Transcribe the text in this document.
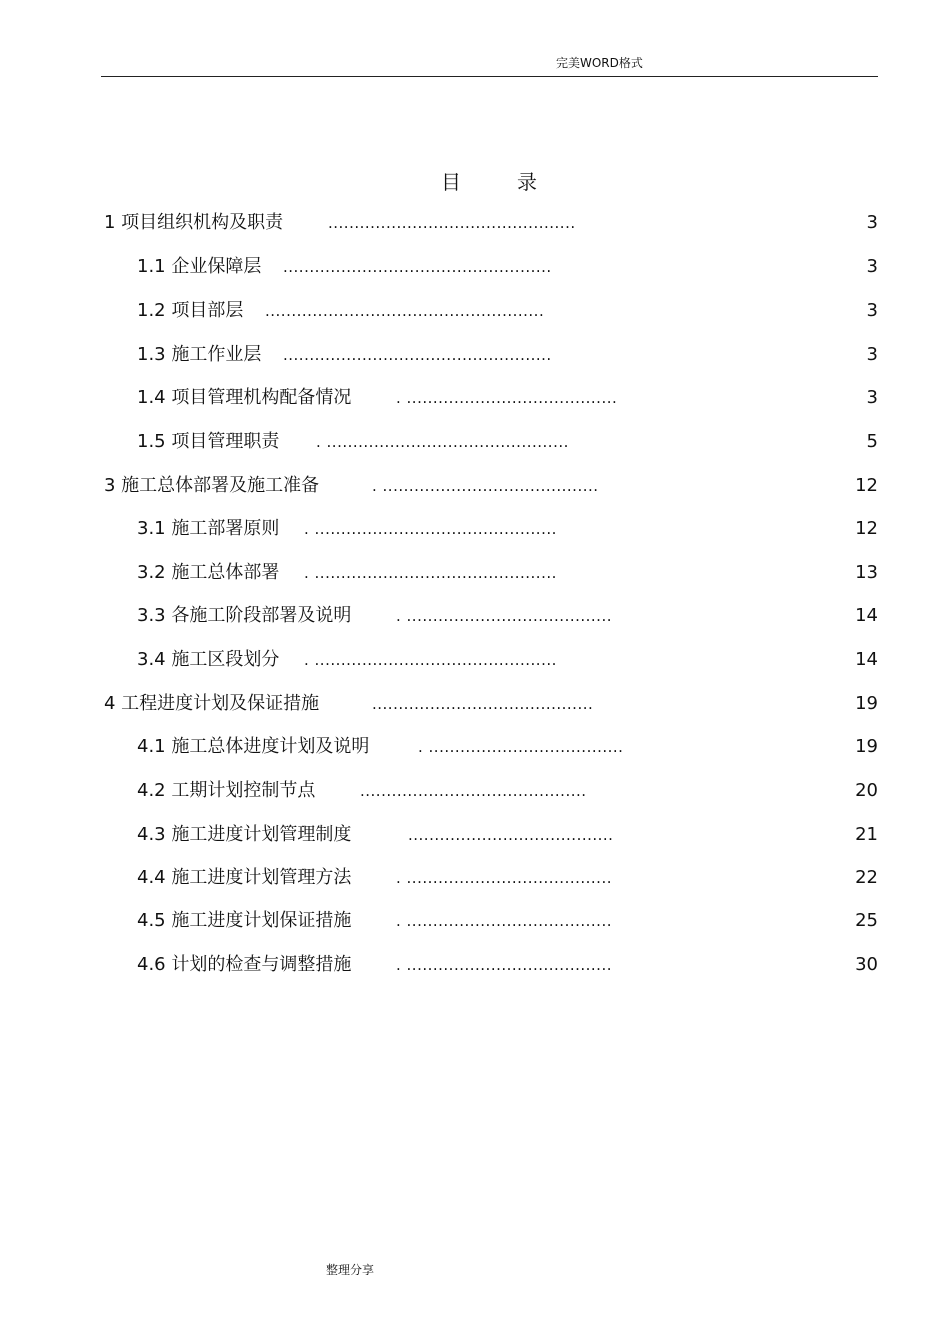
完美WORD格式
目	录
1 项目组织机构及职责	...............................................	3
1.1 企业保障层 ...................................................	3
1.2 项目部层 .....................................................	3
1.3 施工作业层 ...................................................	3
1.4 项目管理机构配备情况	. ........................................	3
1.5 项目管理职责 . ..............................................	5
3 施工总体部署及施工准备	. .........................................	12
3.1 施工部署原则 . ..............................................	12
3.2 施工总体部署 . ..............................................	13
3.3 各施工阶段部署及说明	. .......................................	14
3.4 施工区段划分 . ..............................................	14
4 工程进度计划及保证措施	..........................................	19
4.1 施工总体进度计划及说明	. .....................................	19
4.2 工期计划控制节点	...........................................	20
4.3 施工进度计划管理制度	.......................................	21
4.4 施工进度计划管理方法	. .......................................	22
4.5 施工进度计划保证措施	. .......................................	25
4.6 计划的检查与调整措施	. .......................................	30
整理分享
